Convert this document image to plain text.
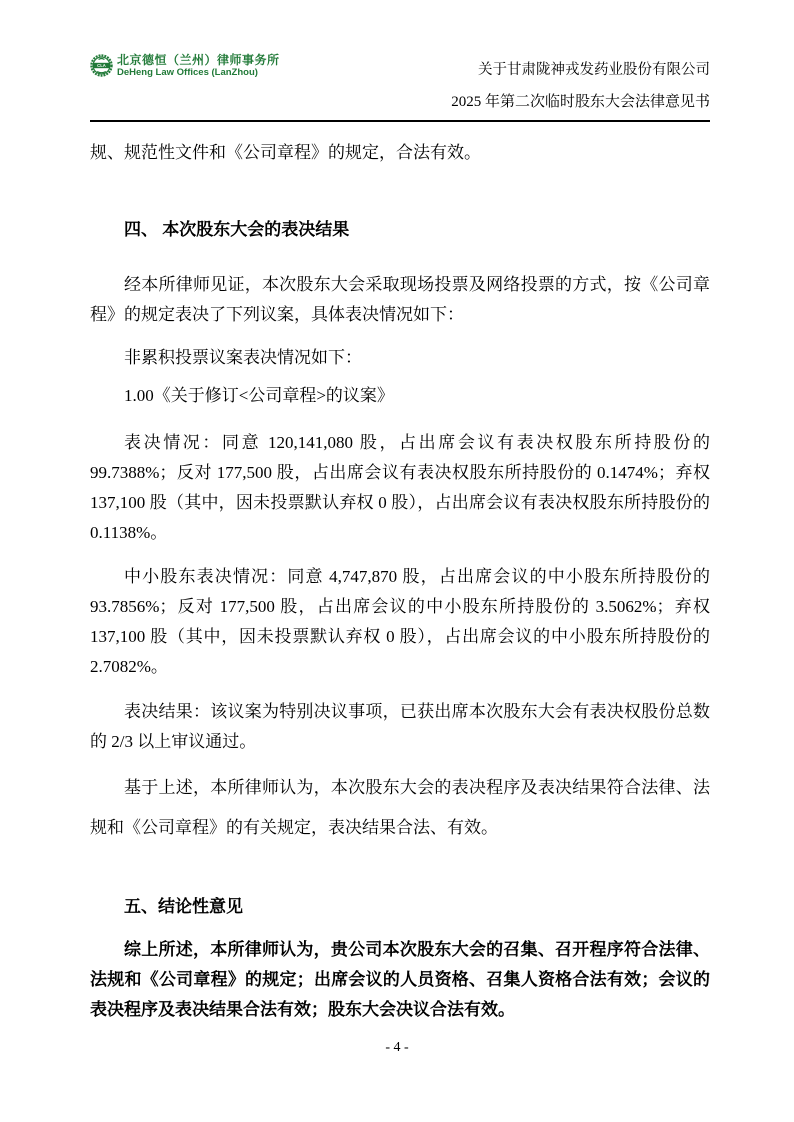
CLA 北京德恒（兰州）律师事务所
DeHeng Law Offices (LanZhou)	关于甘肃陇神戎发药业股份有限公司
2025 年第二次临时股东大会法律意见书

规、规范性文件和《公司章程》的规定，合法有效。

四、 本次股东大会的表决结果

经本所律师见证，本次股东大会采取现场投票及网络投票的方式，按《公司章程》的规定表决了下列议案，具体表决情况如下：

非累积投票议案表决情况如下：

1.00《关于修订<公司章程>的议案》

表决情况：同意 120,141,080 股，占出席会议有表决权股东所持股份的99.7388%；反对 177,500 股，占出席会议有表决权股东所持股份的 0.1474%；弃权 137,100 股（其中，因未投票默认弃权 0 股），占出席会议有表决权股东所持股份的 0.1138%。

中小股东表决情况：同意 4,747,870 股，占出席会议的中小股东所持股份的93.7856%；反对 177,500 股，占出席会议的中小股东所持股份的 3.5062%；弃权137,100 股（其中，因未投票默认弃权 0 股），占出席会议的中小股东所持股份的 2.7082%。

表决结果：该议案为特别决议事项，已获出席本次股东大会有表决权股份总数的 2/3 以上审议通过。

基于上述，本所律师认为，本次股东大会的表决程序及表决结果符合法律、法规和《公司章程》的有关规定，表决结果合法、有效。

五、结论性意见

综上所述，本所律师认为，贵公司本次股东大会的召集、召开程序符合法律、法规和《公司章程》的规定；出席会议的人员资格、召集人资格合法有效；会议的表决程序及表决结果合法有效；股东大会决议合法有效。

- 4 -
